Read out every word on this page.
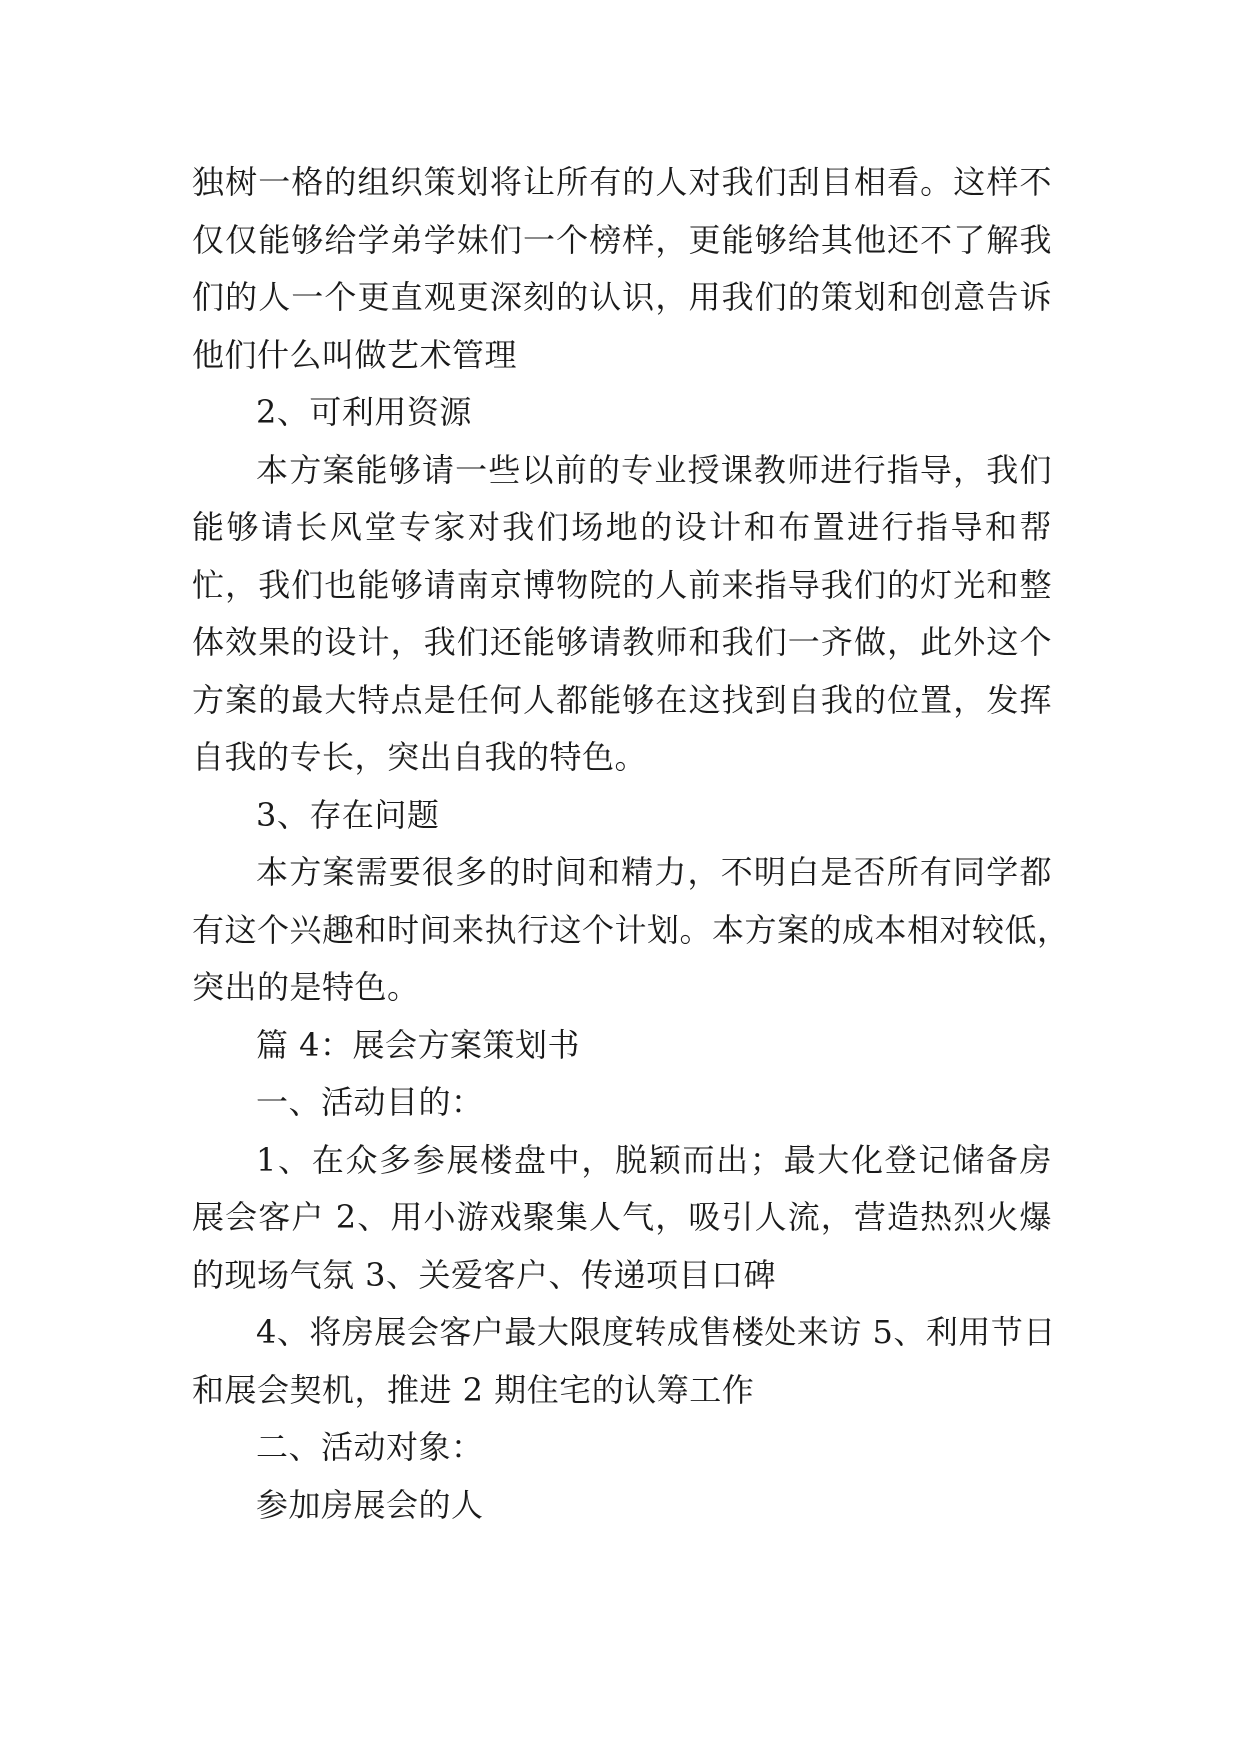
独树一格的组织策划将让所有的人对我们刮目相看。这样不
仅仅能够给学弟学妹们一个榜样，更能够给其他还不了解我
们的人一个更直观更深刻的认识，用我们的策划和创意告诉
他们什么叫做艺术管理
2、可利用资源
本方案能够请一些以前的专业授课教师进行指导，我们
能够请长风堂专家对我们场地的设计和布置进行指导和帮
忙，我们也能够请南京博物院的人前来指导我们的灯光和整
体效果的设计，我们还能够请教师和我们一齐做，此外这个
方案的最大特点是任何人都能够在这找到自我的位置，发挥
自我的专长，突出自我的特色。
3、存在问题
本方案需要很多的时间和精力，不明白是否所有同学都
有这个兴趣和时间来执行这个计划。本方案的成本相对较低，
突出的是特色。
篇 4：展会方案策划书
一、活动目的：
1、在众多参展楼盘中，脱颖而出；最大化登记储备房
展会客户 2、用小游戏聚集人气，吸引人流，营造热烈火爆
的现场气氛 3、关爱客户、传递项目口碑
4、将房展会客户最大限度转成售楼处来访 5、利用节日
和展会契机，推进 2 期住宅的认筹工作
二、活动对象：
参加房展会的人
